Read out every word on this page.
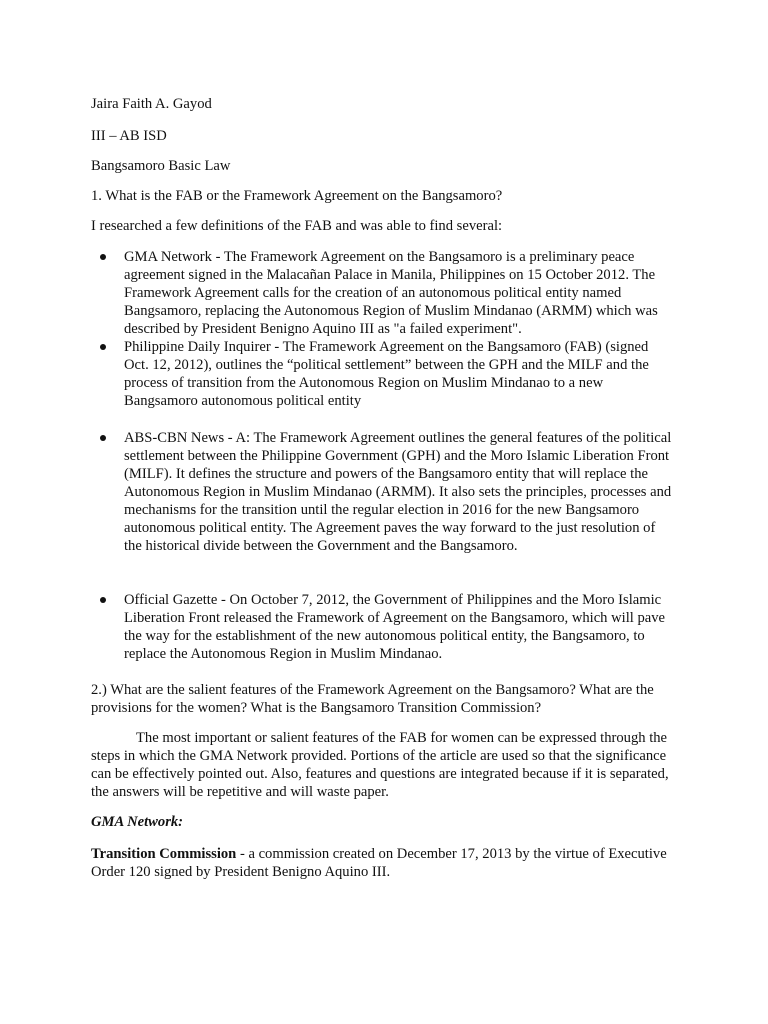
Jaira Faith A. Gayod

III – AB ISD

Bangsamoro Basic Law

1. What is the FAB or the Framework Agreement on the Bangsamoro?

I researched a few definitions of the FAB and was able to find several:

GMA Network - The Framework Agreement on the Bangsamoro is a preliminary peace agreement signed in the Malacañan Palace in Manila, Philippines on 15 October 2012. The Framework Agreement calls for the creation of an autonomous political entity named Bangsamoro, replacing the Autonomous Region of Muslim Mindanao (ARMM) which was described by President Benigno Aquino III as "a failed experiment".
Philippine Daily Inquirer - The Framework Agreement on the Bangsamoro (FAB) (signed Oct. 12, 2012), outlines the “political settlement” between the GPH and the MILF and the process of transition from the Autonomous Region on Muslim Mindanao to a new Bangsamoro autonomous political entity
ABS-CBN News - A: The Framework Agreement outlines the general features of the political settlement between the Philippine Government (GPH) and the Moro Islamic Liberation Front (MILF). It defines the structure and powers of the Bangsamoro entity that will replace the Autonomous Region in Muslim Mindanao (ARMM). It also sets the principles, processes and mechanisms for the transition until the regular election in 2016 for the new Bangsamoro autonomous political entity. The Agreement paves the way forward to the just resolution of the historical divide between the Government and the Bangsamoro.
Official Gazette - On October 7, 2012, the Government of Philippines and the Moro Islamic Liberation Front released the Framework of Agreement on the Bangsamoro, which will pave the way for the establishment of the new autonomous political entity, the Bangsamoro, to replace the Autonomous Region in Muslim Mindanao.

2.) What are the salient features of the Framework Agreement on the Bangsamoro? What are the provisions for the women? What is the Bangsamoro Transition Commission?

The most important or salient features of the FAB for women can be expressed through the steps in which the GMA Network provided. Portions of the article are used so that the significance can be effectively pointed out. Also, features and questions are integrated because if it is separated, the answers will be repetitive and will waste paper.

GMA Network:

Transition Commission - a commission created on December 17, 2013 by the virtue of Executive Order 120 signed by President Benigno Aquino III.
